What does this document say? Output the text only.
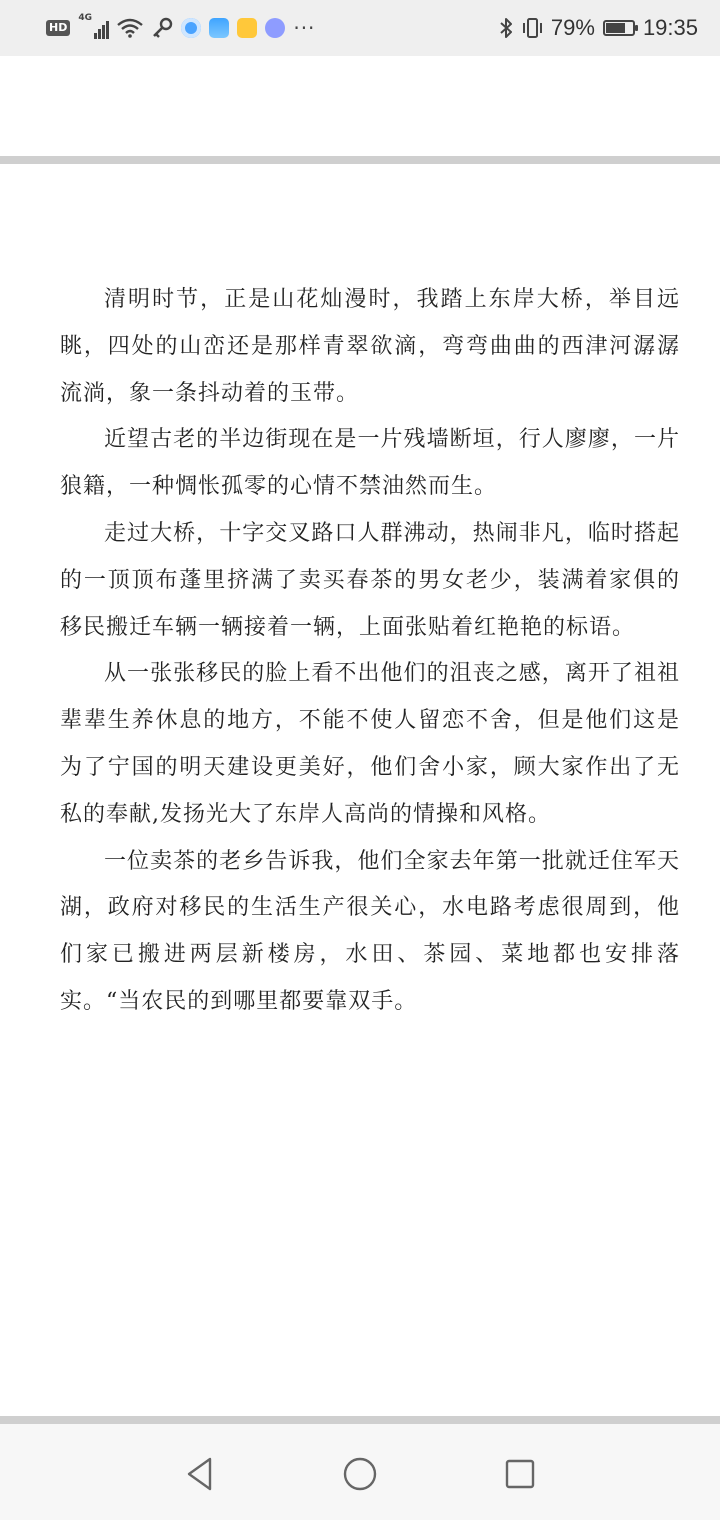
HD
4G	···	79% 19:35

清明时节，正是山花灿漫时，我踏上东岸大桥，举目远眺，四处的山峦还是那样青翠欲滴，弯弯曲曲的西津河潺潺流淌，象一条抖动着的玉带。

近望古老的半边街现在是一片残墙断垣，行人廖廖，一片狼籍，一种惆怅孤零的心情不禁油然而生。

走过大桥，十字交叉路口人群沸动，热闹非凡，临时搭起的一顶顶布蓬里挤满了卖买春茶的男女老少，装满着家俱的移民搬迁车辆一辆接着一辆，上面张贴着红艳艳的标语。

从一张张移民的脸上看不出他们的沮丧之感，离开了祖祖辈辈生养休息的地方，不能不使人留恋不舍，但是他们这是为了宁国的明天建设更美好，他们舍小家，顾大家作出了无私的奉献,发扬光大了东岸人高尚的情操和风格。

一位卖茶的老乡告诉我，他们全家去年第一批就迁住军天湖，政府对移民的生活生产很关心，水电路考虑很周到，他们家已搬进两层新楼房，水田、茶园、菜地都也安排落实。“当农民的到哪里都要靠双手。
